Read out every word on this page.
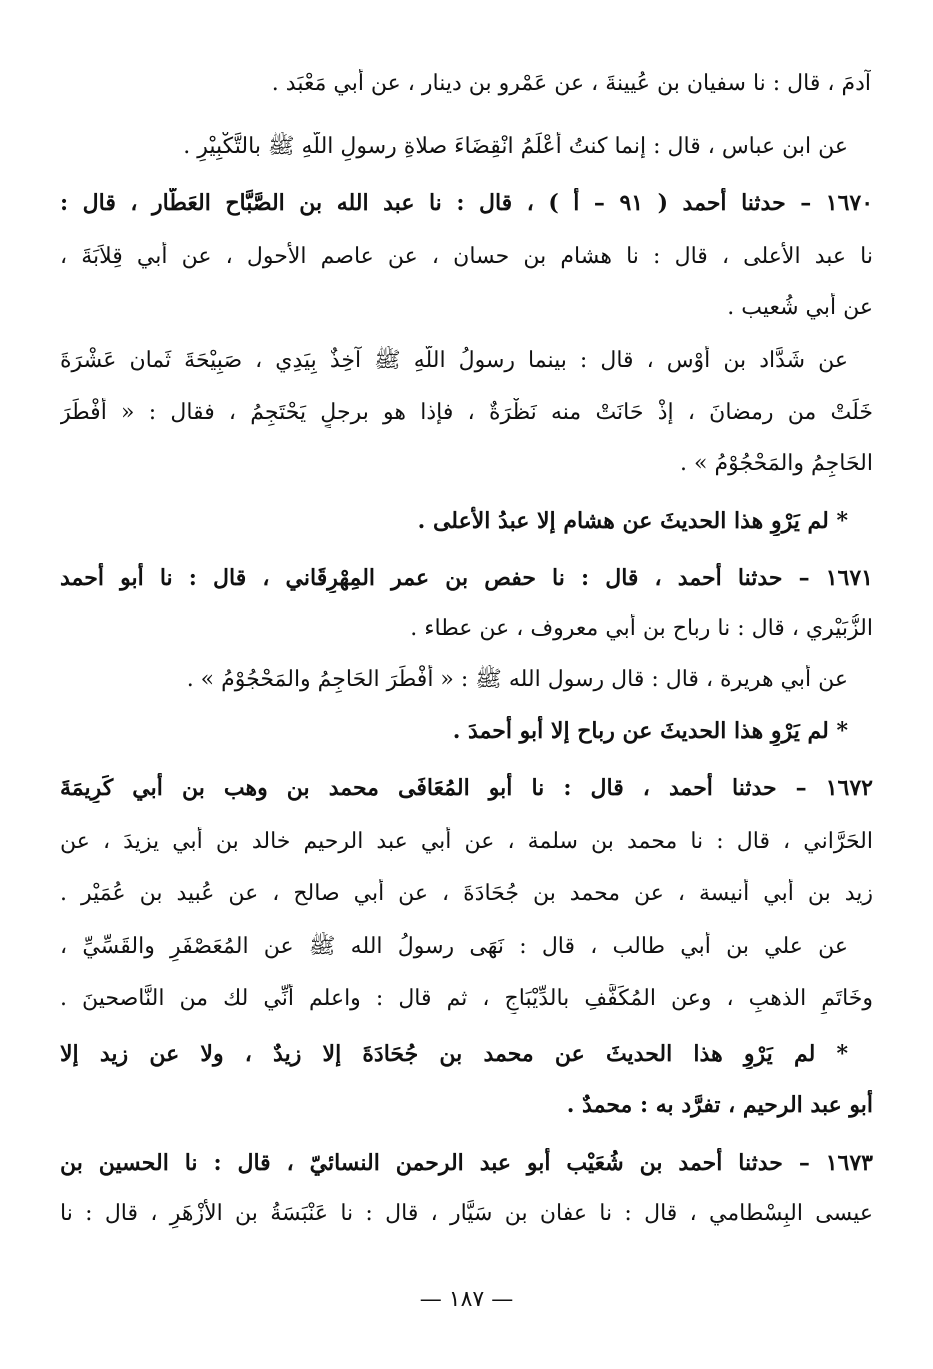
آدمَ ، قال : نا سفيان بن عُيينةَ ، عن عَمْرو بن دينار ، عن أبي مَعْبَد .
عن ابن عباس ، قال : إنما كنتُ أَعْلَمُ انْقِضَاءَ صلاةِ رسولِ اللّهِ ﷺ بالتَّكْبِيْرِ .
١٦٧٠ – حدثنا أحمد ( ٩١ – أ ) ، قال : نا عبد الله بن الصَّبَّاح العَطَّار ، قال :
نا عبد الأعلى ، قال : نا هشام بن حسان ، عن عاصم الأَحول ، عن أبي قِلاَبَةَ ،
عن أبي شُعيب .
عن شَدَّاد بن أَوْس ، قال : بينما رسولُ اللّهِ ﷺ آخِذٌ بِيَدِي ، صَبِيْحَةَ ثَمان عَشْرَةَ
خَلَتْ من رمضانَ ، إذْ حَانَتْ منه نَظْرَةٌ ، فإذا هو برجلٍ يَحْتَجِمُ ، فقال : « أَفْطَرَ
الحَاجِمُ والمَحْجُوْمُ » .
* لم يَرْوِ هذا الحديثَ عن هشام إلا عبدُ الأعلى .
١٦٧١ – حدثنا أحمد ، قال : نا حفص بن عمر المِهْرِقَاني ، قال : نا أبو أحمد
الزُّبَيْري ، قال : نا رباح بن أبي معروف ، عن عطاء .
عن أبي هريرة ، قال : قال رسول الله ﷺ : « أَفْطَرَ الحَاجِمُ والمَحْجُوْمُ » .
* لم يَرْوِ هذا الحديثَ عن رباح إلا أبو أحمدَ .
١٦٧٢ – حدثنا أحمد ، قال : نا أبو المُعَافَى محمد بن وهب بن أبي كَرِيمَةَ
الحَرَّاني ، قال : نا محمد بن سلمة ، عن أبي عبد الرحيم خالد بن أبي يزيدَ ، عن
زيد بن أبي أنيسة ، عن محمد بن جُحَادَةَ ، عن أبي صالح ، عن عُبيد بن عُمَيْر .
عن علي بن أبي طالب ، قال : نَهَى رسولُ الله ﷺ عن المُعَصْفَرِ والقَسِّيِّ ،
وخَاتَمِ الذهبِ ، وعن المُكَفَّفِ بالدِّيْبَاجِ ، ثم قال : واعلم أنِّي لك من النَّاصحينَ .
* لم يَرْوِ هذا الحديثَ عن محمد بن جُحَادَةَ إلا زيدٌ ، ولا عن زيد إلا
أبو عبد الرحيم ، تفرَّد به : محمدٌ .
١٦٧٣ – حدثنا أحمد بن شُعَيْب أبو عبد الرحمن النسائيّ ، قال : نا الحسين بن
عيسى البِسْطامي ، قال : نا عفان بن سَيَّار ، قال : نا عَنْبَسَةُ بن الأَزْهَرِ ، قال : نا
— ١٨٧ —
